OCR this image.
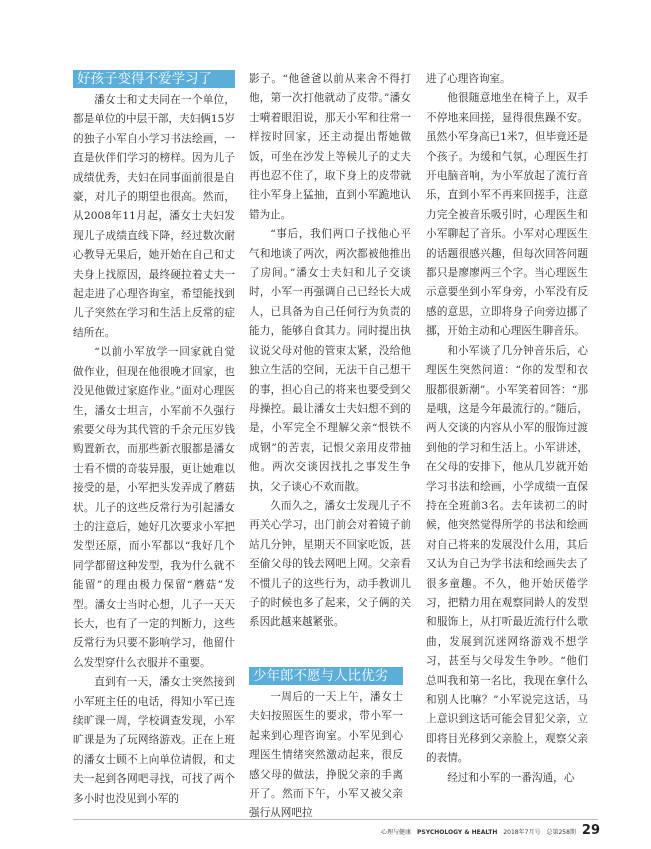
好孩子变得不爱学习了

潘女士和丈夫同在一个单位，都是单位的中层干部，夫妇俩15岁的独子小军自小学习书法绘画，一直是伙伴们学习的榜样。因为儿子成绩优秀，夫妇在同事面前很是自豪，对儿子的期望也很高。然而，从2008年11月起，潘女士夫妇发现儿子成绩直线下降，经过数次耐心教导无果后，她开始在自己和丈夫身上找原因，最终硬拉着丈夫一起走进了心理咨询室，希望能找到儿子突然在学习和生活上反常的症结所在。

“以前小军放学一回家就自觉做作业，但现在他很晚才回家，也没见他做过家庭作业。”面对心理医生，潘女士坦言，小军前不久强行索要父母为其代管的千余元压岁钱购置新衣，而那些新衣服都是潘女士看不惯的奇装异服，更让她难以接受的是，小军把头发弄成了蘑菇状。儿子的这些反常行为引起潘女士的注意后，她好几次要求小军把发型还原，而小军都以“我好几个同学都留这种发型，我为什么就不能留”的理由极力保留“蘑菇”发型。潘女士当时心想，儿子一天天长大，也有了一定的判断力，这些反常行为只要不影响学习，他留什么发型穿什么衣服并不重要。

直到有一天，潘女士突然接到小军班主任的电话，得知小军已连续旷课一周，学校调查发现，小军旷课是为了玩网络游戏。正在上班的潘女士顾不上向单位请假，和丈夫一起到各网吧寻找，可找了两个多小时也没见到小军的

影子。“他爸爸以前从来舍不得打他，第一次打他就动了皮带。”潘女士嗬着眼泪说，那天小军和往常一样按时回家，还主动提出帮她做饭，可坐在沙发上等候儿子的丈夫再也忍不住了，取下身上的皮带就往小军身上猛抽，直到小军跪地认错为止。

“事后，我们两口子找他心平气和地谈了两次，两次都被他推出了房间。”潘女士夫妇和儿子交谈时，小军一再强调自己已经长大成人，已具备为自己任何行为负责的能力，能够自食其力。同时提出执议说父母对他的管束太紧，没给他独立生活的空间，无法干自己想干的事，担心自己的将来也要受到父母操控。最让潘女士夫妇想不到的是，小军完全不理解父亲“恨铁不成钢”的苦衷，记恨父亲用皮带抽他。两次交谈因找扎之事发生争执，父子谈心不欢而散。

久而久之，潘女士发现儿子不再关心学习，出门前会对着镜子前站几分钟，星期天不回家吃饭，甚至偷父母的钱去网吧上网。父亲看不惯儿子的这些行为，动手教训儿子的时候也多了起来，父子俩的关系因此越来越紧张。

少年郎不愿与人比优劣

一周后的一天上午，潘女士夫妇按照医生的要求，带小军一起来到心理咨询室。小军见到心理医生情绪突然激动起来，很反感父母的做法，挣脱父亲的手离开了。然而下午，小军又被父亲强行从网吧拉

进了心理咨询室。

他很随意地坐在椅子上，双手不停地来回搓，显得很焦躁不安。虽然小军身高已1米7，但毕竟还是个孩子。为缓和气氛，心理医生打开电脑音响，为小军放起了流行音乐，直到小军不再来回搓手，注意力完全被音乐吸引时，心理医生和小军聊起了音乐。小军对心理医生的话题很感兴趣，但每次回答问题都只是廖廖两三个字。当心理医生示意要坐到小军身旁，小军没有反感的意思，立即将身子向旁边挪了挪，开始主动和心理医生聊音乐。

和小军谈了几分钟音乐后，心理医生突然问道：“你的发型和衣服都很新潮”。小军笑着回答：“那是哦，这是今年最流行的。”随后，两人交谈的内容从小军的服饰过渡到他的学习和生活上。小军讲述，在父母的安排下，他从几岁就开始学习书法和绘画，小学成绩一直保持在全班前3名。去年读初二的时候，他突然觉得所学的书法和绘画对自己将来的发展没什么用，其后又认为自己为学书法和绘画失去了很多童趣。不久，他开始厌倦学习，把精力用在观察同龄人的发型和服饰上，从打听最近流行什么歌曲，发展到沉迷网络游戏不想学习，甚至与父母发生争吵。“他们总叫我和第一名比，我现在拿什么和别人比嘛？”小军说完这话，马上意识到这话可能会冒犯父亲，立即将目光移到父亲脸上，观察父亲的表情。

经过和小军的一番沟通，心

心理与健康 PSYCHOLOGY & HEALTH 2018年7月号 总第258期 29
